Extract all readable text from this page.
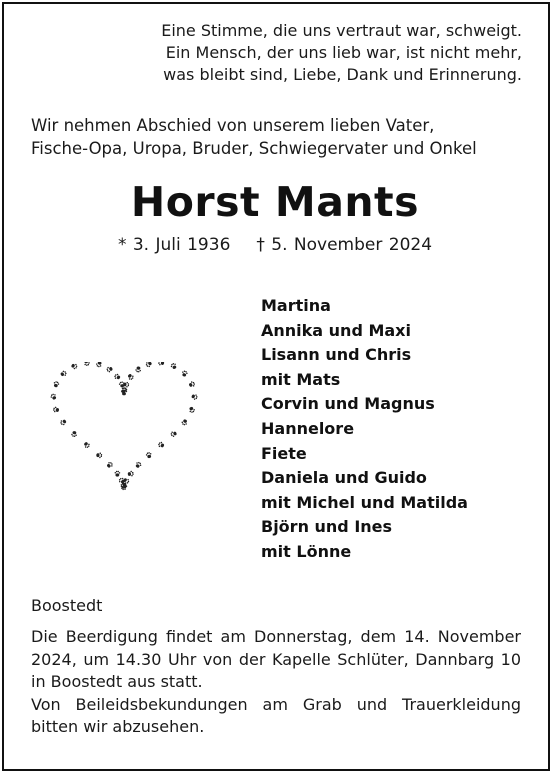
Eine Stimme, die uns vertraut war, schweigt.
Ein Mensch, der uns lieb war, ist nicht mehr,
was bleibt sind, Liebe, Dank und Erinnerung.
Wir nehmen Abschied von unserem lieben Vater,
Fische-Opa, Uropa, Bruder, Schwiegervater und Onkel
Horst Mants
* 3. Juli 1936 † 5. November 2024
Martina
Annika und Maxi
Lisann und Chris
mit Mats
Corvin und Magnus
Hannelore
Fiete
Daniela und Guido
mit Michel und Matilda
Björn und Ines
mit Lönne
Boostedt

Die Beerdigung findet am Donnerstag, dem 14. November 2024, um 14.30 Uhr von der Kapelle Schlüter, Dannbarg 10 in Boostedt aus statt.

Von Beileidsbekundungen am Grab und Trauerkleidung bitten wir abzusehen.
